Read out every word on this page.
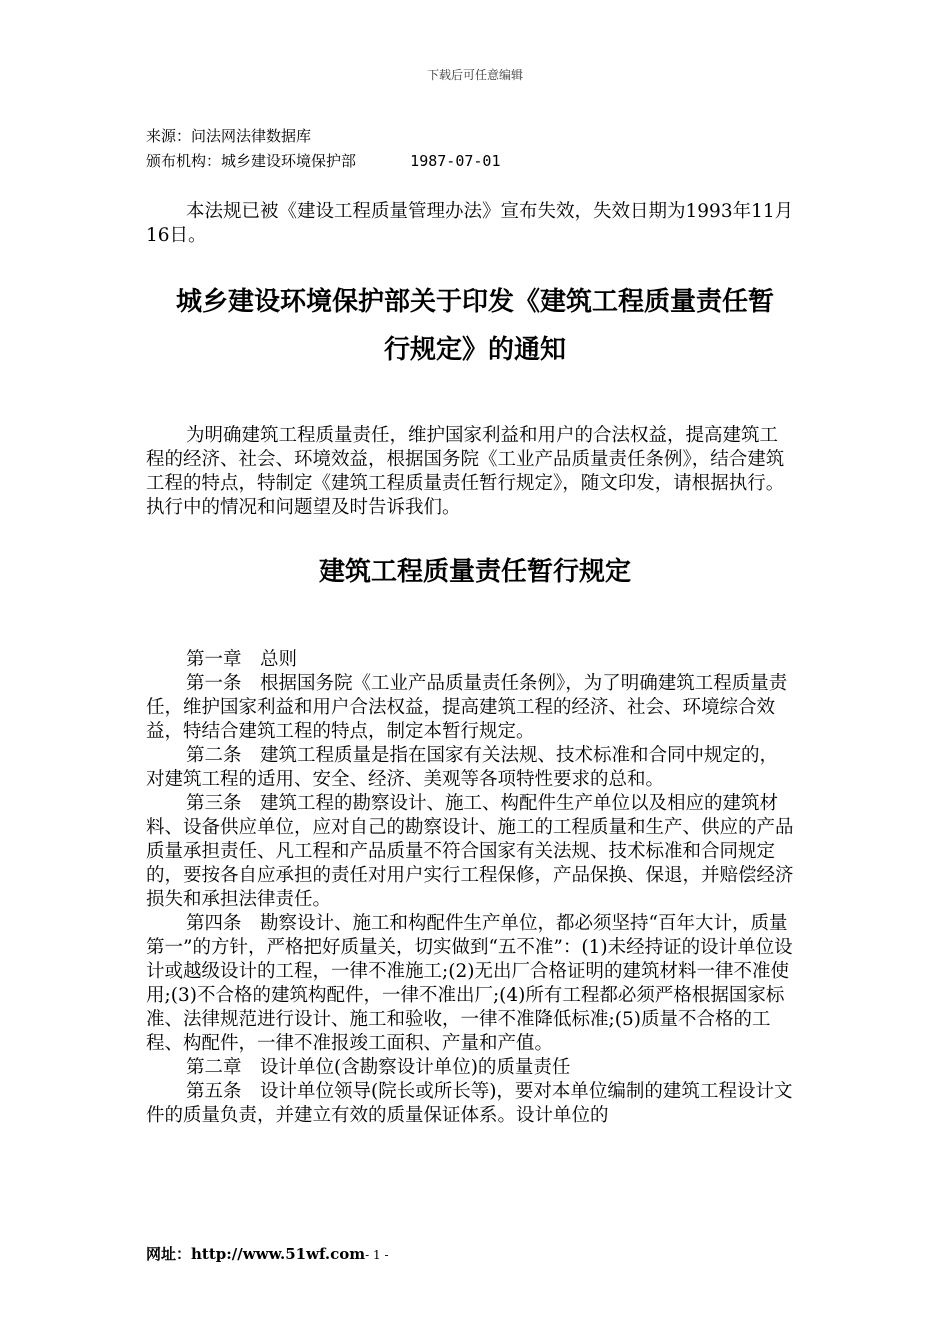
下载后可任意编辑
来源：问法网法律数据库
颁布机构：城乡建设环境保护部      1987-07-01

本法规已被《建设工程质量管理办法》宣布失效，失效日期为1993年11月16日。

城乡建设环境保护部关于印发《建筑工程质量责任暂
行规定》的通知

为明确建筑工程质量责任，维护国家利益和用户的合法权益，提高建筑工程的经济、社会、环境效益，根据国务院《工业产品质量责任条例》，结合建筑工程的特点，特制定《建筑工程质量责任暂行规定》，随文印发，请根据执行。执行中的情况和问题望及时告诉我们。

建筑工程质量责任暂行规定

第一章　总则

第一条　根据国务院《工业产品质量责任条例》，为了明确建筑工程质量责任，维护国家利益和用户合法权益，提高建筑工程的经济、社会、环境综合效益，特结合建筑工程的特点，制定本暂行规定。

第二条　建筑工程质量是指在国家有关法规、技术标准和合同中规定的，对建筑工程的适用、安全、经济、美观等各项特性要求的总和。

第三条　建筑工程的勘察设计、施工、构配件生产单位以及相应的建筑材料、设备供应单位，应对自己的勘察设计、施工的工程质量和生产、供应的产品质量承担责任、凡工程和产品质量不符合国家有关法规、技术标准和合同规定的，要按各自应承担的责任对用户实行工程保修，产品保换、保退，并赔偿经济损失和承担法律责任。

第四条　勘察设计、施工和构配件生产单位，都必须坚持“百年大计，质量第一”的方针，严格把好质量关，切实做到“五不准”：(1)未经持证的设计单位设计或越级设计的工程，一律不准施工;(2)无出厂合格证明的建筑材料一律不准使用;(3)不合格的建筑构配件，一律不准出厂;(4)所有工程都必须严格根据国家标准、法律规范进行设计、施工和验收，一律不准降低标准;(5)质量不合格的工程、构配件，一律不准报竣工面积、产量和产值。

第二章　设计单位(含勘察设计单位)的质量责任

第五条　设计单位领导(院长或所长等)，要对本单位编制的建筑工程设计文件的质量负责，并建立有效的质量保证体系。设计单位的

网址：http://www.51wf.com- 1 -
